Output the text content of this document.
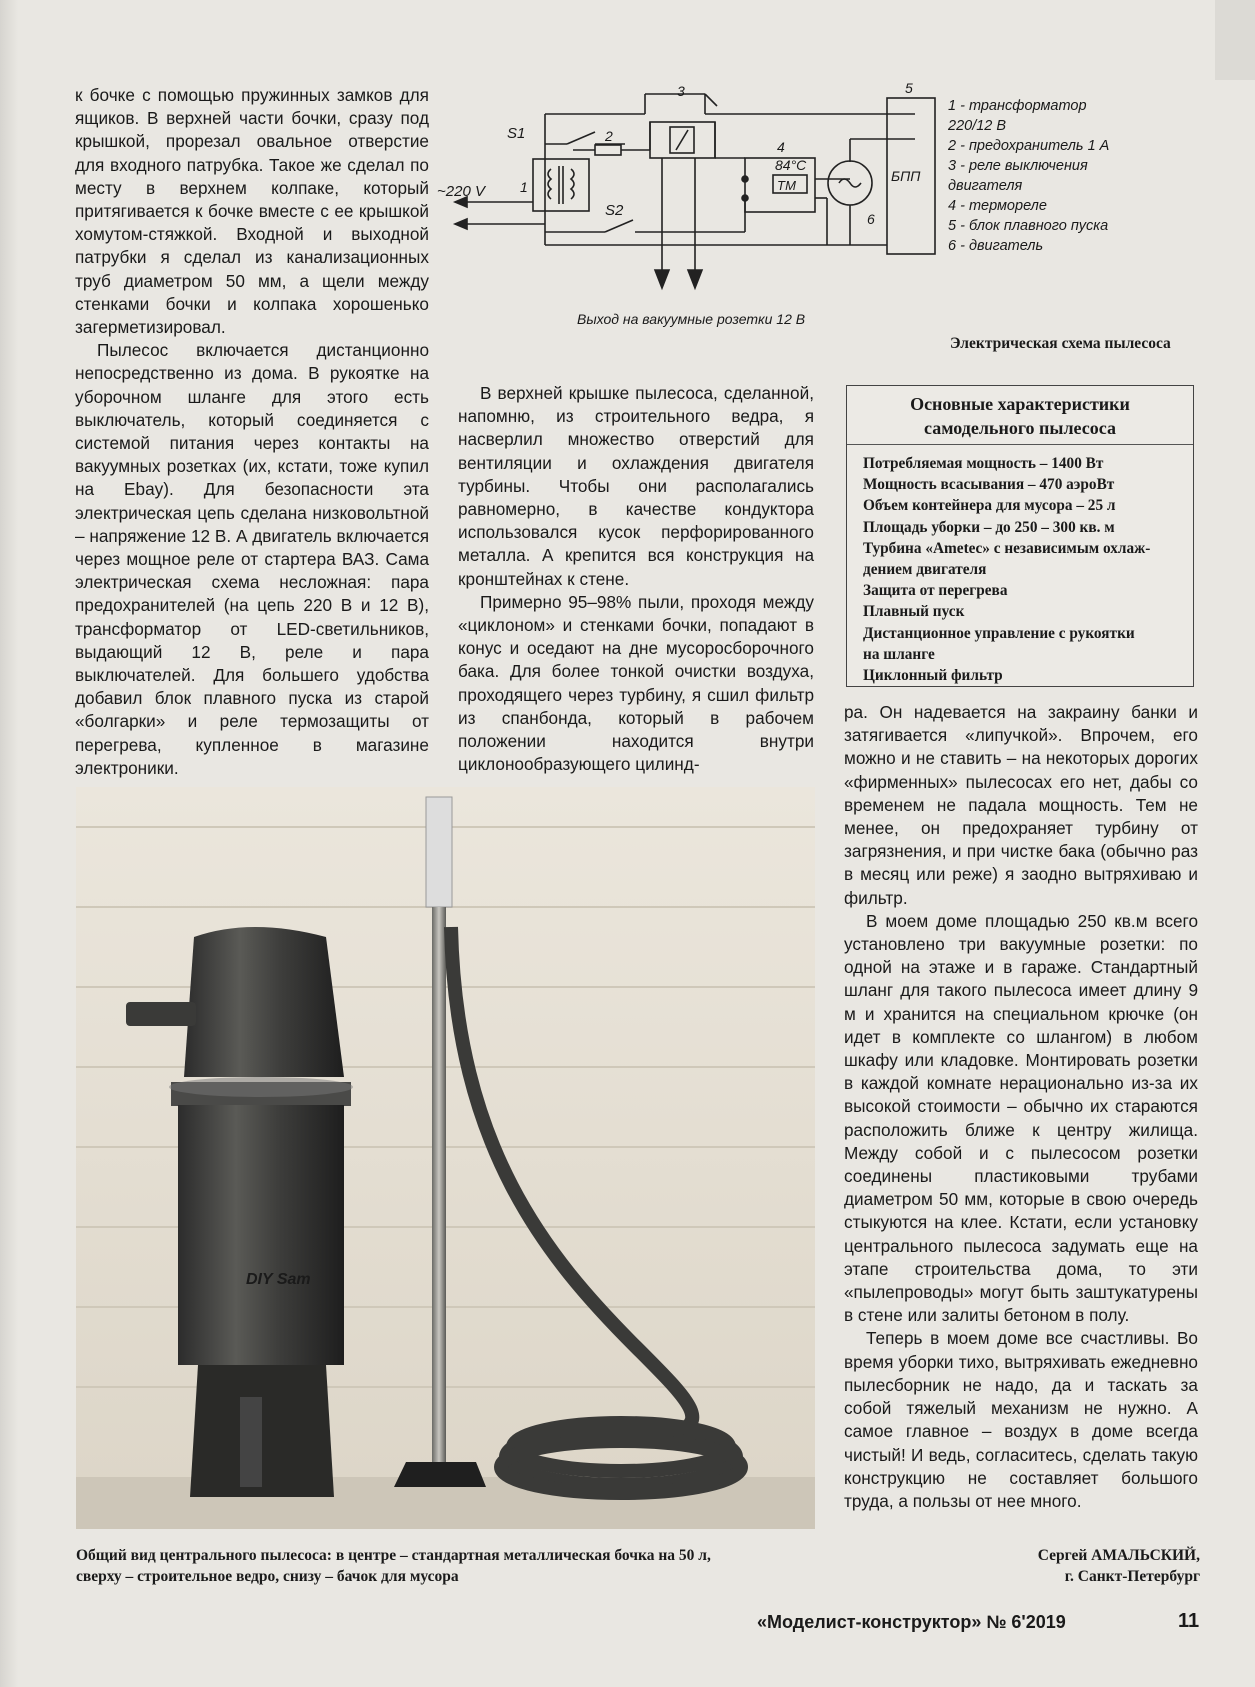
к бочке с помощью пружинных замков для ящиков. В верхней части бочки, сразу под крышкой, прорезал овальное отверстие для входного патрубка. Такое же сделал по месту в верхнем колпаке, который притягивается к бочке вместе с ее крышкой хомутом-стяжкой. Входной и выходной патрубки я сделал из канализационных труб диаметром 50 мм, а щели между стенками бочки и колпака хорошенько загерметизировал.

Пылесос включается дистанционно непосредственно из дома. В рукоятке на уборочном шланге для этого есть выключатель, который соединяется с системой питания через контакты на вакуумных розетках (их, кстати, тоже купил на Ebay). Для безопасности эта электрическая цепь сделана низковольтной – напряжение 12 В. А двигатель включается через мощное реле от стартера ВАЗ. Сама электрическая схема несложная: пара предохранителей (на цепь 220 В и 12 В), трансформатор от LED-светильников, выдающий 12 В, реле и пара выключателей. Для большего удобства добавил блок плавного пуска из старой «болгарки» и реле термозащиты от перегрева, купленное в магазине электроники.

S1
S2
~220 V	1
2
3
4
5
6
84°C
ТМ
БПП
Выход на вакуумные розетки 12 В
1 - трансформатор
220/12 В
2 - предохранитель 1 А
3 - реле выключения
двигателя
4 - термореле
5 - блок плавного пуска
6 - двигатель
Электрическая схема пылесоса

В верхней крышке пылесоса, сделанной, напомню, из строительного ведра, я насверлил множество отверстий для вентиляции и охлаждения двигателя турбины. Чтобы они располагались равномерно, в качестве кондуктора использовался кусок перфорированного металла. А крепится вся конструкция на кронштейнах к стене.

Примерно 95–98% пыли, проходя между «циклоном» и стенками бочки, попадают в конус и оседают на дне мусоросборочного бака. Для более тонкой очистки воздуха, проходящего через турбину, я сшил фильтр из спанбонда, который в рабочем положении находится внутри циклонообразующего цилинд-

Основные характеристики
самодельного пылесоса
Потребляемая мощность – 1400 Вт
Мощность всасывания – 470 аэроВт
Объем контейнера для мусора – 25 л
Площадь уборки – до 250 – 300 кв. м
Турбина «Ametec» с независимым охлаж-
дением двигателя
Защита от перегрева
Плавный пуск
Дистанционное управление с рукоятки
на шланге
Циклонный фильтр

ра. Он надевается на закраину банки и затягивается «липучкой». Впрочем, его можно и не ставить – на некоторых дорогих «фирменных» пылесосах его нет, дабы со временем не падала мощность. Тем не менее, он предохраняет турбину от загрязнения, и при чистке бака (обычно раз в месяц или реже) я заодно вытряхиваю и фильтр.

В моем доме площадью 250 кв.м всего установлено три вакуумные розетки: по одной на этаже и в гараже. Стандартный шланг для такого пылесоса имеет длину 9 м и хранится на специальном крючке (он идет в комплекте со шлангом) в любом шкафу или кладовке. Монтировать розетки в каждой комнате нерационально из-за их высокой стоимости – обычно их стараются расположить ближе к центру жилища. Между собой и с пылесосом розетки соединены пластиковыми трубами диаметром 50 мм, которые в свою очередь стыкуются на клее. Кстати, если установку центрального пылесоса задумать еще на этапе строительства дома, то эти «пылепроводы» могут быть заштукатурены в стене или залиты бетоном в полу.

Теперь в моем доме все счастливы. Во время уборки тихо, вытряхивать ежедневно пылесборник не надо, да и таскать за собой тяжелый механизм не нужно. А самое главное – воздух в доме всегда чистый! И ведь, согласитесь, сделать такую конструкцию не составляет большого труда, а пользы от нее много.

DIY Sam
Общий вид центрального пылесоса: в центре – стандартная металлическая бочка на 50 л,
сверху – строительное ведро, снизу – бачок для мусора
Сергей АМАЛЬСКИЙ,
г. Санкт-Петербург
«Моделист-конструктор» № 6'2019	11
